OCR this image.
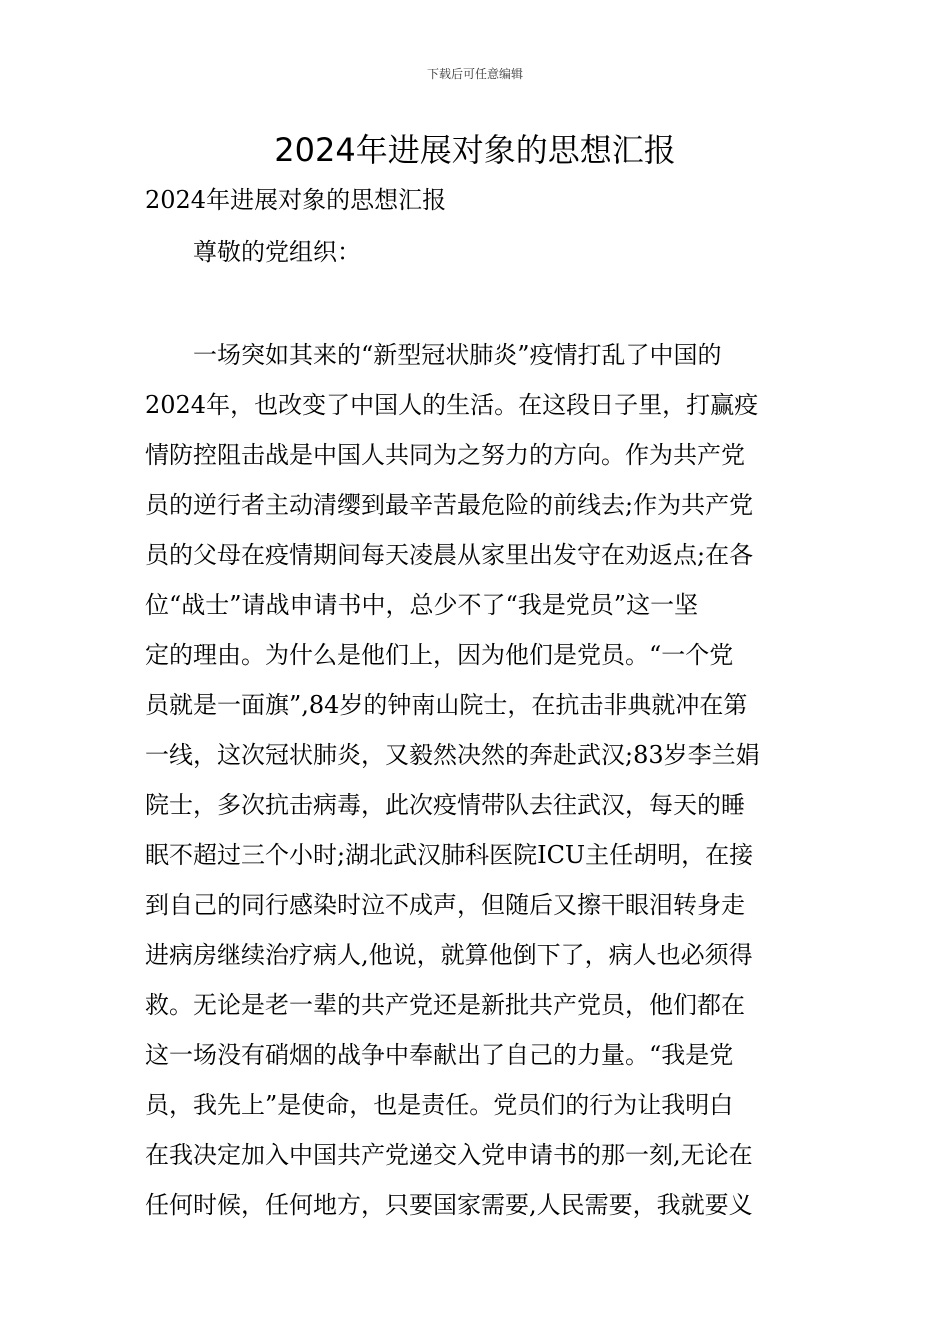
下载后可任意编辑
2024年进展对象的思想汇报
2024年进展对象的思想汇报
尊敬的党组织：
　　一场突如其来的“新型冠状肺炎”疫情打乱了中国的
2024年，也改变了中国人的生活。在这段日子里，打赢疫
情防控阻击战是中国人共同为之努力的方向。作为共产党
员的逆行者主动清缨到最辛苦最危险的前线去;作为共产党
员的父母在疫情期间每天凌晨从家里出发守在劝返点;在各
位“战士”请战申请书中，总少不了“我是党员”这一坚
定的理由。为什么是他们上，因为他们是党员。“一个党
员就是一面旗”,84岁的钟南山院士，在抗击非典就冲在第
一线，这次冠状肺炎，又毅然决然的奔赴武汉;83岁李兰娟
院士，多次抗击病毒，此次疫情带队去往武汉，每天的睡
眠不超过三个小时;湖北武汉肺科医院ICU主任胡明，在接
到自己的同行感染时泣不成声，但随后又擦干眼泪转身走
进病房继续治疗病人,他说，就算他倒下了，病人也必须得
救。无论是老一辈的共产党还是新批共产党员，他们都在
这一场没有硝烟的战争中奉献出了自己的力量。“我是党
员，我先上”是使命，也是责任。党员们的行为让我明白
在我决定加入中国共产党递交入党申请书的那一刻,无论在
任何时候，任何地方，只要国家需要,人民需要，我就要义
